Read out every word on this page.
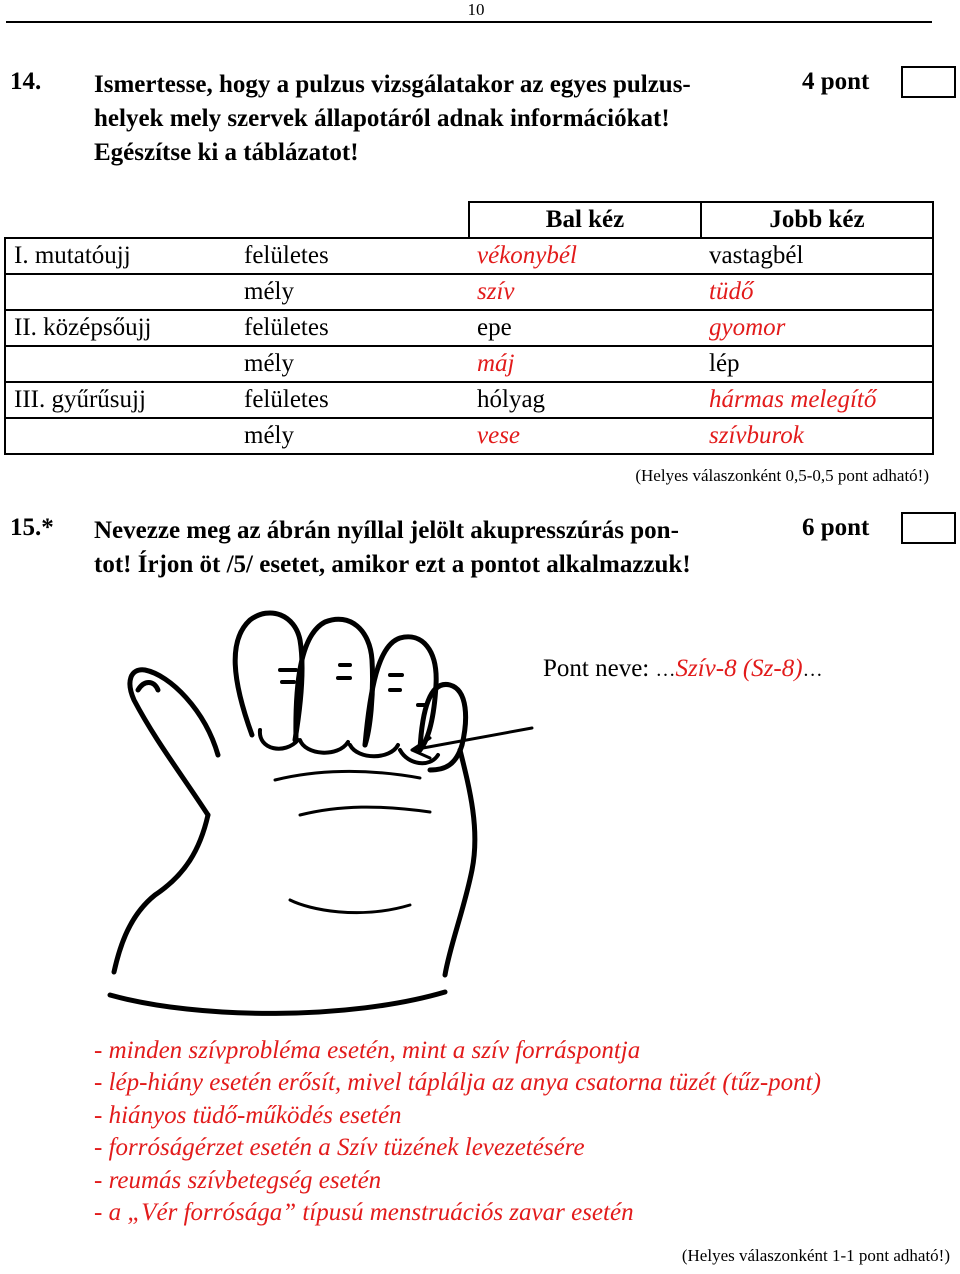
10
14. Ismertesse, hogy a pulzus vizsgálatakor az egyes pulzus-
helyek mely szervek állapotáról adnak információkat!
Egészítse ki a táblázatot!
4 pont
		Bal kéz	Jobb kéz
I. mutatóujj	felületes	vékonybél	vastagbél
	mély	szív	tüdő
II. középsőujj	felületes	epe	gyomor
	mély	máj	lép
III. gyűrűsujj	felületes	hólyag	hármas melegítő
	mély	vese	szívburok
(Helyes válaszonként 0,5-0,5 pont adható!)
15.* Nevezze meg az ábrán nyíllal jelölt akupresszúrás pon-
tot! Írjon öt /5/ esetet, amikor ezt a pontot alkalmazzuk!
6 pont
Pont neve: …Szív-8 (Sz-8)…
- minden szívprobléma esetén, mint a szív forráspontja
- lép-hiány esetén erősít, mivel táplálja az anya csatorna tüzét (tűz-pont)
- hiányos tüdő-működés esetén
- forróságérzet esetén a Szív tüzének levezetésére
- reumás szívbetegség esetén
- a „Vér forrósága” típusú menstruációs zavar esetén
(Helyes válaszonként 1-1 pont adható!)
